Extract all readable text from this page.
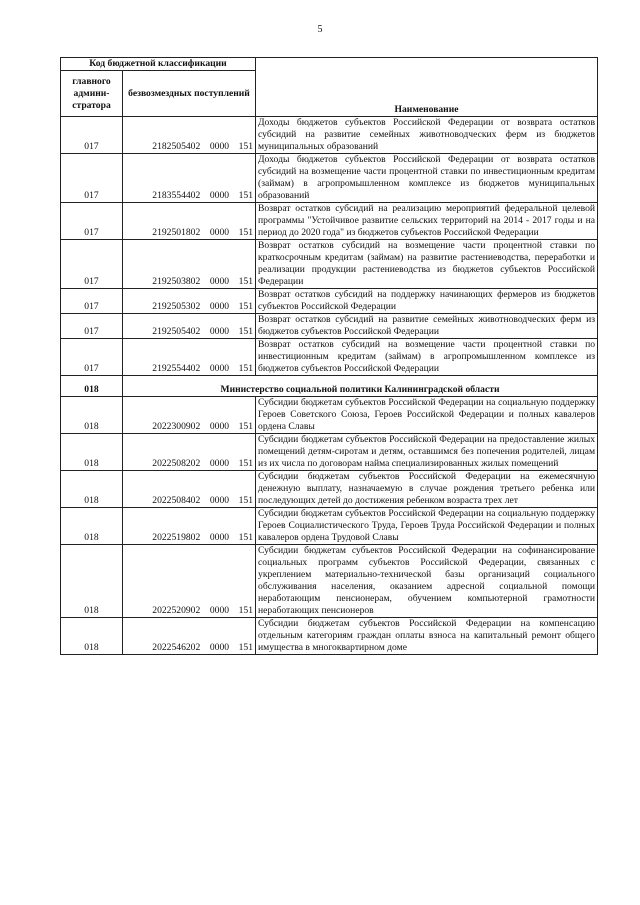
5
Код бюджетной классификации		Наименование
главного админи-стратора	безвозмездных поступлений	
017	2182505402    0000    151	Доходы бюджетов субъектов Российской Федерации от возврата остатков субсидий на развитие семейных животноводческих ферм из бюджетов муниципальных образований
017	2183554402    0000    151	Доходы бюджетов субъектов Российской Федерации от возврата остатков субсидий на возмещение части процентной ставки по инвестиционным кредитам (займам) в агропромышленном комплексе из бюджетов муниципальных образований
017	2192501802    0000    151	Возврат остатков субсидий на реализацию мероприятий федеральной целевой программы "Устойчивое развитие сельских территорий на 2014 - 2017 годы и на период до 2020 года" из бюджетов субъектов Российской Федерации
017	2192503802    0000    151	Возврат остатков субсидий на возмещение части процентной ставки по краткосрочным кредитам (займам) на развитие растениеводства, переработки и реализации продукции растениеводства из бюджетов субъектов Российской Федерации
017	2192505302    0000    151	Возврат остатков субсидий на поддержку начинающих фермеров из бюджетов субъектов Российской Федерации
017	2192505402    0000    151	Возврат остатков субсидий на развитие семейных животноводческих ферм из бюджетов субъектов Российской Федерации
017	2192554402    0000    151	Возврат остатков субсидий на возмещение части процентной ставки по инвестиционным кредитам (займам) в агропромышленном комплексе из бюджетов субъектов Российской Федерации
018	Министерство социальной политики Калининградской области	
018	2022300902    0000    151	Субсидии бюджетам субъектов Российской Федерации на социальную поддержку Героев Советского Союза, Героев Российской Федерации и полных кавалеров ордена Славы
018	2022508202    0000    151	Субсидии бюджетам субъектов Российской Федерации на предоставление жилых помещений детям-сиротам и детям, оставшимся без попечения родителей, лицам из их числа по договорам найма специализированных жилых помещений
018	2022508402    0000    151	Субсидии бюджетам субъектов Российской Федерации на ежемесячную денежную выплату, назначаемую в случае рождения третьего ребенка или последующих детей до достижения ребенком возраста трех лет
018	2022519802    0000    151	Субсидии бюджетам субъектов Российской Федерации на социальную поддержку Героев Социалистического Труда, Героев Труда Российской Федерации и полных кавалеров ордена Трудовой Славы
018	2022520902    0000    151	Субсидии бюджетам субъектов Российской Федерации на софинансирование социальных программ субъектов Российской Федерации, связанных с укреплением материально-технической базы организаций социального обслуживания населения, оказанием адресной социальной помощи неработающим пенсионерам, обучением компьютерной грамотности неработающих пенсионеров
018	2022546202    0000    151	Субсидии бюджетам субъектов Российской Федерации на компенсацию отдельным категориям граждан оплаты взноса на капитальный ремонт общего имущества в многоквартирном доме
